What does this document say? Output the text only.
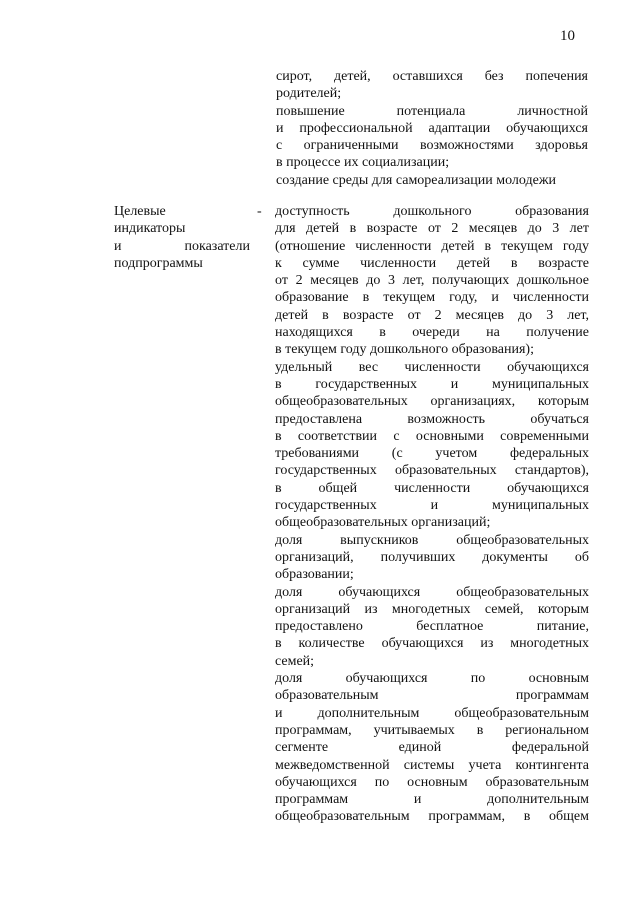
10
сирот, детей, оставшихся без попечения
родителей;
повышение потенциала личностной
и профессиональной адаптации обучающихся
с ограниченными возможностями здоровья
в процессе их социализации;
создание среды для самореализации молодежи
Целевые
индикаторы
и показатели
подпрограммы
- доступность дошкольного образования
для детей в возрасте от 2 месяцев до 3 лет
(отношение численности детей в текущем году
к сумме численности детей в возрасте
от 2 месяцев до 3 лет, получающих дошкольное
образование в текущем году, и численности
детей в возрасте от 2 месяцев до 3 лет,
находящихся в очереди на получение
в текущем году дошкольного образования);
удельный вес численности обучающихся
в государственных и муниципальных
общеобразовательных организациях, которым
предоставлена возможность обучаться
в соответствии с основными современными
требованиями (с учетом федеральных
государственных образовательных стандартов),
в общей численности обучающихся
государственных и муниципальных
общеобразовательных организаций;
доля выпускников общеобразовательных
организаций, получивших документы об
образовании;
доля обучающихся общеобразовательных
организаций из многодетных семей, которым
предоставлено бесплатное питание,
в количестве обучающихся из многодетных
семей;
доля обучающихся по основным
образовательным программам
и дополнительным общеобразовательным
программам, учитываемых в региональном
сегменте единой федеральной
межведомственной системы учета контингента
обучающихся по основным образовательным
программам и дополнительным
общеобразовательным программам, в общем
